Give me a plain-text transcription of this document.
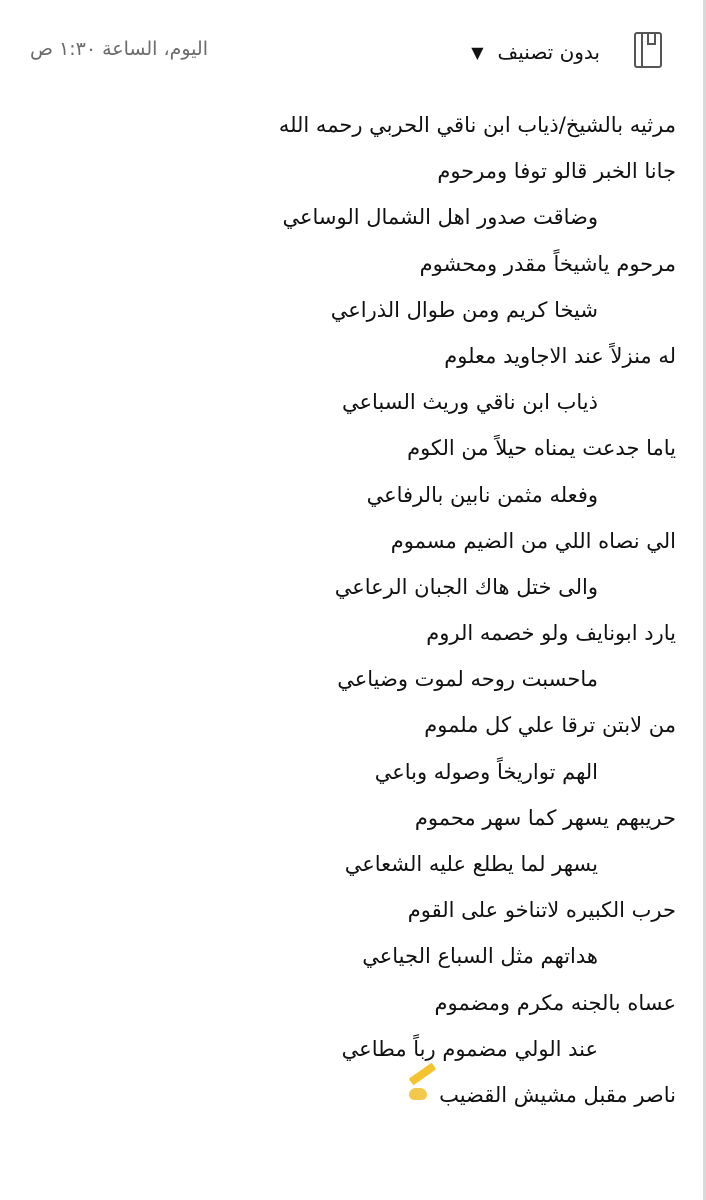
بدون تصنيف
▼
اليوم، الساعة ١:٣٠ ص
مرثيه بالشيخ/ذياب ابن ناقي الحربي رحمه الله
جانا الخبر قالو توفا ومرحوم
وضاقت صدور اهل الشمال الوساعي
مرحوم ياشيخاً مقدر ومحشوم
شيخا كريم ومن طوال الذراعي
له منزلاً عند الاجاويد معلوم
ذياب ابن ناقي وريث السباعي
ياما جدعت يمناه حيلاً من الكوم
وفعله مثمن نابين بالرفاعي
الي نصاه اللي من الضيم مسموم
والى ختل هاك الجبان الرعاعي
يارد ابونايف ولو خصمه الروم
ماحسبت روحه لموت وضياعي
من لابتن ترقا علي كل ملموم
الهم تواريخاً وصوله وباعي
حريبهم يسهر كما سهر محموم
يسهر لما يطلع عليه الشعاعي
حرب الكبيره لاتناخو على القوم
هداتهم مثل السباع الجياعي
عساه بالجنه مكرم ومضموم
عند الولي مضموم رباً مطاعي
ناصر مقبل مشيش القضيب
